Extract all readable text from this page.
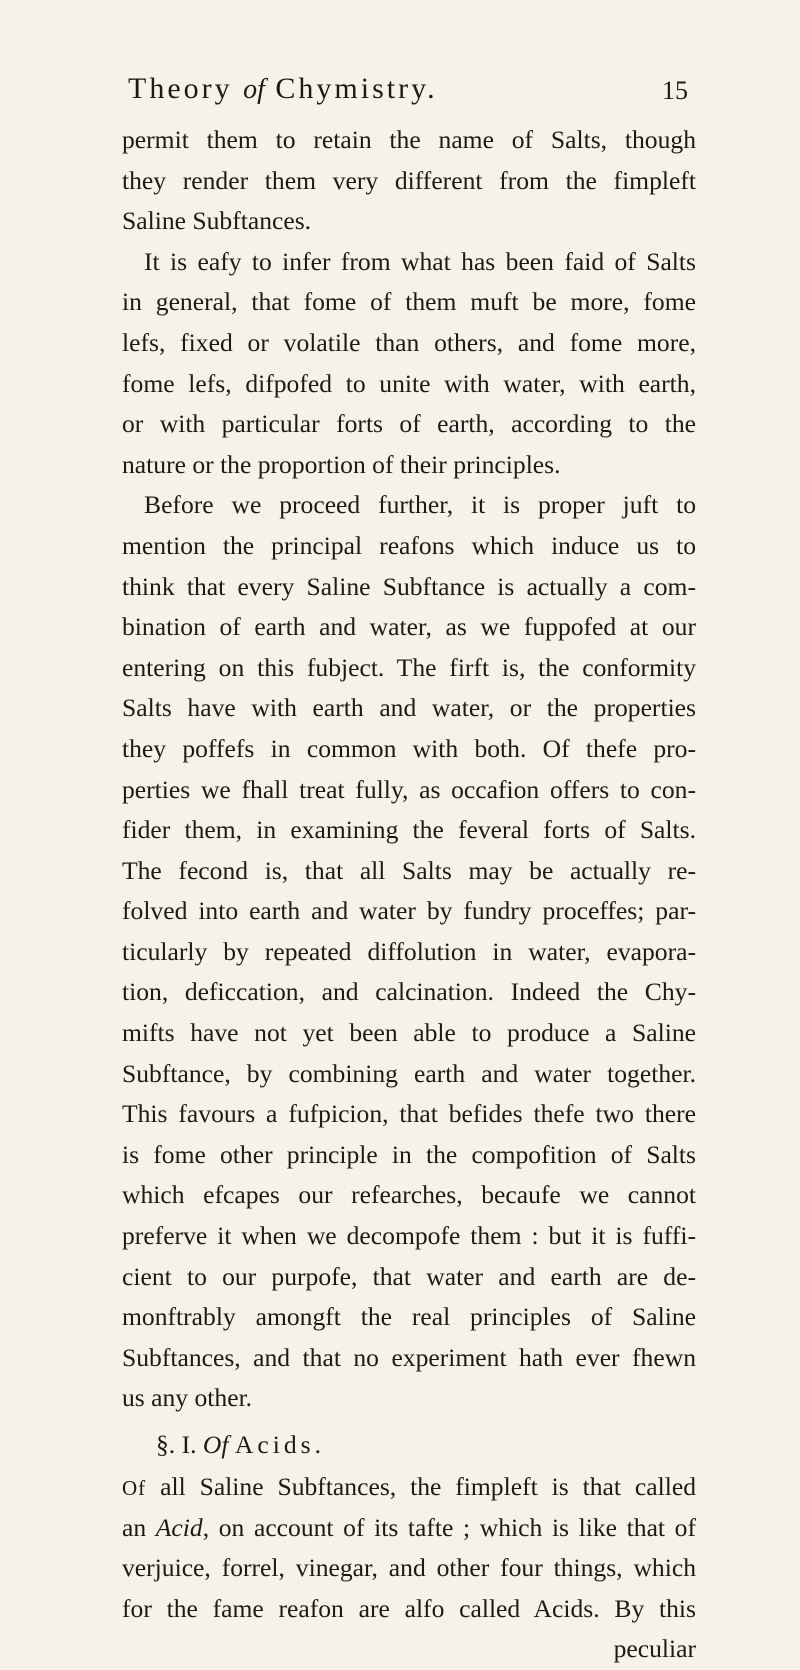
Theory of Chymistry.	15
permit them to retain the name of Salts, though
they render them very different from the fimpleft
Saline Subftances.
It is eafy to infer from what has been faid of Salts
in general, that fome of them muft be more, fome
lefs, fixed or volatile than others, and fome more,
fome lefs, difpofed to unite with water, with earth,
or with particular forts of earth, according to the
nature or the proportion of their principles.
Before we proceed further, it is proper juft to
mention the principal reafons which induce us to
think that every Saline Subftance is actually a com-
bination of earth and water, as we fuppofed at our
entering on this fubject. The firft is, the conformity
Salts have with earth and water, or the properties
they poffefs in common with both. Of thefe pro-
perties we fhall treat fully, as occafion offers to con-
fider them, in examining the feveral forts of Salts.
The fecond is, that all Salts may be actually re-
folved into earth and water by fundry proceffes; par-
ticularly by repeated diffolution in water, evapora-
tion, deficcation, and calcination. Indeed the Chy-
mifts have not yet been able to produce a Saline
Subftance, by combining earth and water together.
This favours a fufpicion, that befides thefe two there
is fome other principle in the compofition of Salts
which efcapes our refearches, becaufe we cannot
preferve it when we decompofe them : but it is fuffi-
cient to our purpofe, that water and earth are de-
monftrably amongft the real principles of Saline
Subftances, and that no experiment hath ever fhewn
us any other.
§. I. Of Acids.
Of all Saline Subftances, the fimpleft is that called
an Acid, on account of its tafte ; which is like that of
verjuice, forrel, vinegar, and other four things, which
for the fame reafon are alfo called Acids. By this
peculiar
